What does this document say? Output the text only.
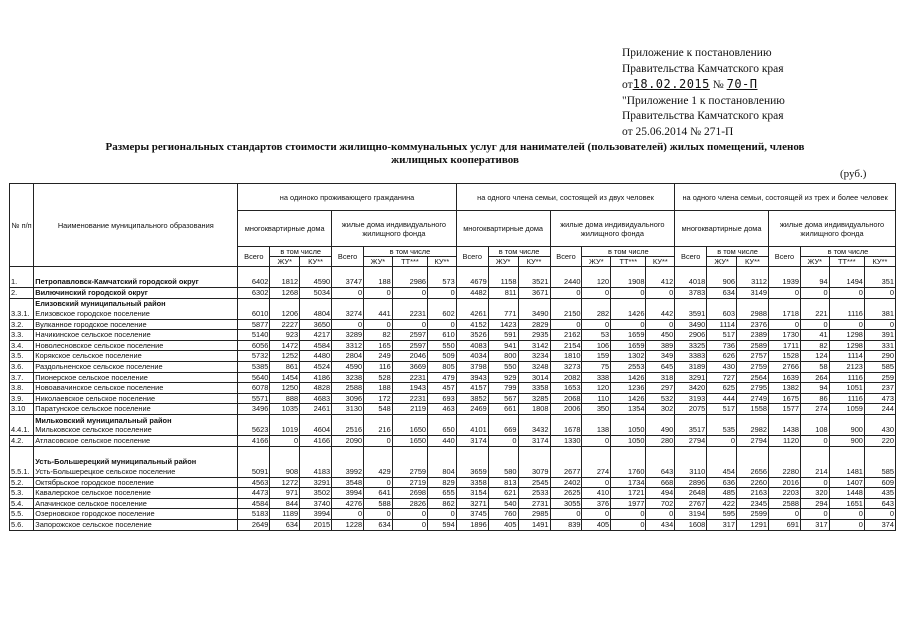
Приложение к постановлению
Правительства Камчатского края
от18.02.2015 № 70-П
"Приложение 1 к постановлению
Правительства Камчатского края
от 25.06.2014 № 271-П
Размеры региональных стандартов стоимости жилищно-коммунальных услуг для нанимателей (пользователей) жилых помещений, членов
жилищных кооперативов
(руб.)
№ п/п	Наименование муниципального образования	на одиноко проживающего гражданина							на одного члена семьи, состоящей из двух человек							на одного члена семьи, состоящей из трех и более человек						
		многоквартирные дома			жилые дома индивидуального жилищного фонда				многоквартирные дома			жилые дома индивидуального жилищного фонда				многоквартирные дома			жилые дома индивидуального жилищного фонда			
		Всего	в том числе		Всего	в том числе			Всего	в том числе		Всего	в том числе			Всего	в том числе		Всего	в том числе		
			ЖУ*	КУ**		ЖУ*	ТТ***	КУ**		ЖУ*	КУ**		ЖУ*	ТТ***	КУ**		ЖУ*	КУ**		ЖУ*	ТТ***	КУ**
1.	Петропавловск-Камчатский городской округ	6402	1812	4590	3747	188	2986	573	4679	1158	3521	2440	120	1908	412	4018	906	3112	1939	94	1494	351
2.	Вилючинский городской округ	6302	1268	5034	0	0	0	0	4482	811	3671	0	0	0	0	3783	634	3149	0	0	0	0
3.3.1.	Елизовский муниципальный район
Елизовское городское поселение	6010	1206	4804	3274	441	2231	602	4261	771	3490	2150	282	1426	442	3591	603	2988	1718	221	1116	381
3.2.	Вулканное городское поселение	5877	2227	3650	0	0	0	0	4152	1423	2829	0	0	0	0	3490	1114	2376	0	0	0	0
3.3.	Начикинское сельское поселение	5140	923	4217	3289	82	2597	610	3526	591	2935	2162	53	1659	450	2906	517	2389	1730	41	1298	391
3.4.	Новолесновское сельское поселение	6056	1472	4584	3312	165	2597	550	4083	941	3142	2154	106	1659	389	3325	736	2589	1711	82	1298	331
3.5.	Корякское сельское поселение	5732	1252	4480	2804	249	2046	509	4034	800	3234	1810	159	1302	349	3383	626	2757	1528	124	1114	290
3.6.	Раздольненское сельское поселение	5385	861	4524	4590	116	3669	805	3798	550	3248	3273	75	2553	645	3189	430	2759	2766	58	2123	585
3.7.	Пионерское сельское поселение	5640	1454	4186	3238	528	2231	479	3943	929	3014	2082	338	1426	318	3291	727	2564	1639	264	1116	259
3.8.	Новоавачинское сельское поселение	6078	1250	4828	2588	188	1943	457	4157	799	3358	1653	120	1236	297	3420	625	2795	1382	94	1051	237
3.9.	Николаевское сельское поселение	5571	888	4683	3096	172	2231	693	3852	567	3285	2068	110	1426	532	3193	444	2749	1675	86	1116	473
3.10	Паратунское сельское поселение	3496	1035	2461	3130	548	2119	463	2469	661	1808	2006	350	1354	302	2075	517	1558	1577	274	1059	244
4.4.1.	Мильковский муниципальный район
Мильковское сельское поселение	5623	1019	4604	2516	216	1650	650	4101	669	3432	1678	138	1050	490	3517	535	2982	1438	108	900	430
4.2.	Атласовское сельское поселение	4166	0	4166	2090	0	1650	440	3174	0	3174	1330	0	1050	280	2794	0	2794	1120	0	900	220
5.5.1.	Усть-Большерецкий муниципальный район
Усть-Большерецкое сельское поселение	5091	908	4183	3992	429	2759	804	3659	580	3079	2677	274	1760	643	3110	454	2656	2280	214	1481	585
5.2.	Октябрьское городское поселение	4563	1272	3291	3548	0	2719	829	3358	813	2545	2402	0	1734	668	2896	636	2260	2016	0	1407	609
5.3.	Кавалерское сельское поселение	4473	971	3502	3994	641	2698	655	3154	621	2533	2625	410	1721	494	2648	485	2163	2203	320	1448	435
5.4.	Апачинское сельское поселение	4584	844	3740	4276	588	2826	862	3271	540	2731	3055	376	1977	702	2767	422	2345	2588	294	1651	643
5.5.	Озерновское городское поселение	5183	1189	3994	0	0	0	0	3745	760	2985	0	0	0	0	3194	595	2599	0	0	0	0
5.6.	Запорожское сельское поселение	2649	634	2015	1228	634	0	594	1896	405	1491	839	405	0	434	1608	317	1291	691	317	0	374
